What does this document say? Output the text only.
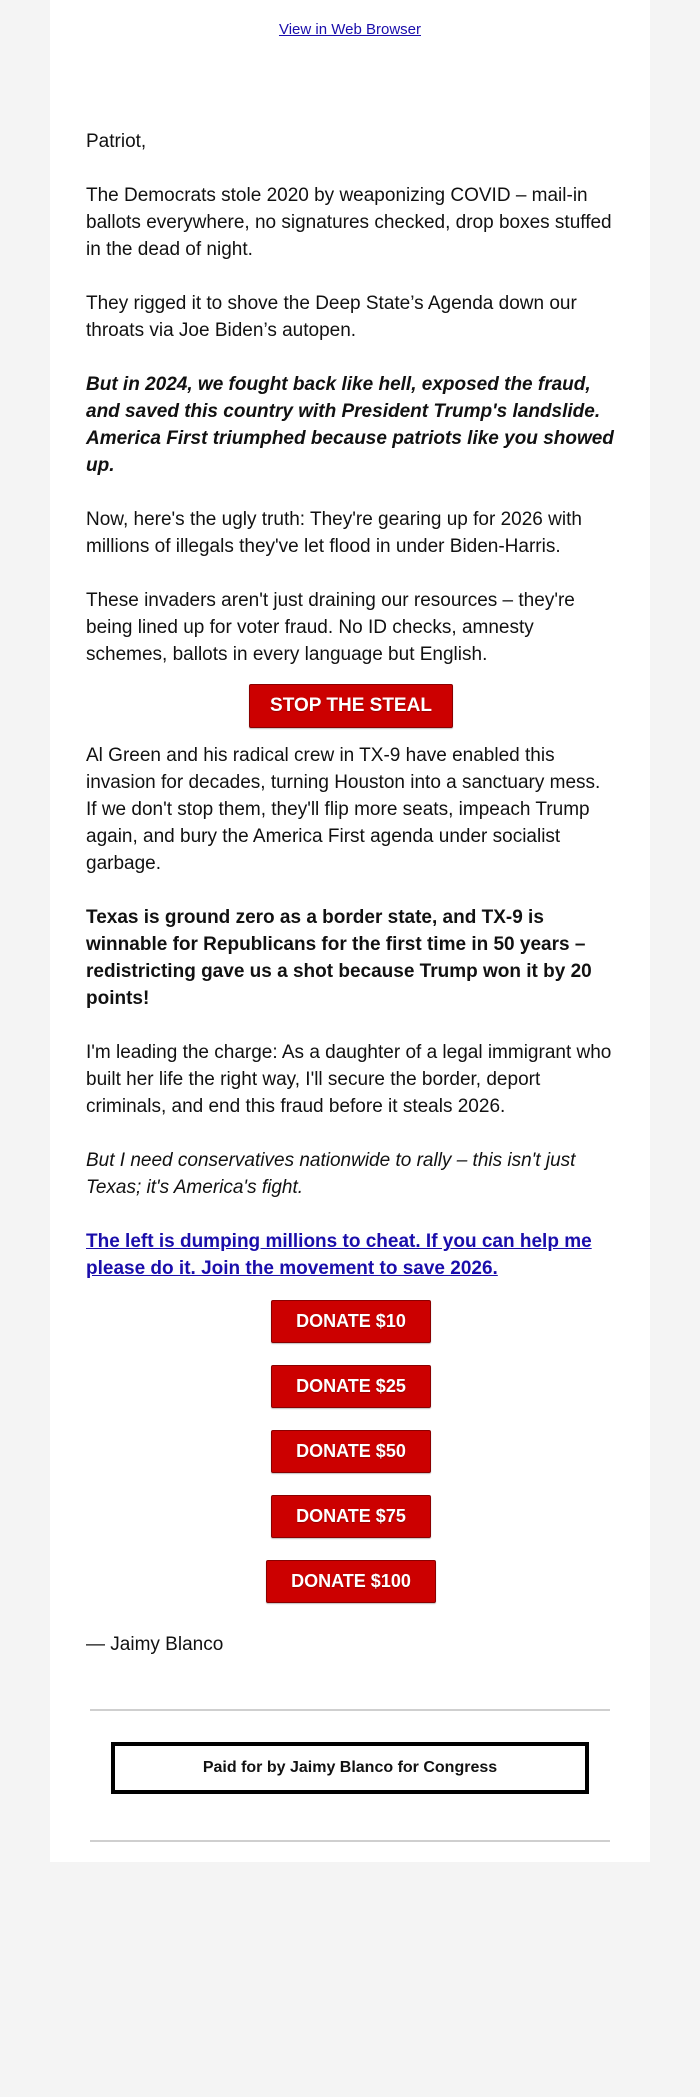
View in Web Browser

Patriot,

The Democrats stole 2020 by weaponizing COVID – mail-in ballots everywhere, no signatures checked, drop boxes stuffed in the dead of night.

They rigged it to shove the Deep State’s Agenda down our throats via Joe Biden’s autopen.

But in 2024, we fought back like hell, exposed the fraud, and saved this country with President Trump's landslide. America First triumphed because patriots like you showed up.

Now, here's the ugly truth: They're gearing up for 2026 with millions of illegals they've let flood in under Biden-Harris.

These invaders aren't just draining our resources – they're being lined up for voter fraud. No ID checks, amnesty schemes, ballots in every language but English.

STOP THE STEAL

Al Green and his radical crew in TX-9 have enabled this invasion for decades, turning Houston into a sanctuary mess. If we don't stop them, they'll flip more seats, impeach Trump again, and bury the America First agenda under socialist garbage.

Texas is ground zero as a border state, and TX-9 is winnable for Republicans for the first time in 50 years – redistricting gave us a shot because Trump won it by 20 points!

I'm leading the charge: As a daughter of a legal immigrant who built her life the right way, I'll secure the border, deport criminals, and end this fraud before it steals 2026.

But I need conservatives nationwide to rally – this isn't just Texas; it's America's fight.

The left is dumping millions to cheat. If you can help me please do it. Join the movement to save 2026.

DONATE $10
DONATE $25
DONATE $50
DONATE $75
DONATE $100

— Jaimy Blanco

Paid for by Jaimy Blanco for Congress
